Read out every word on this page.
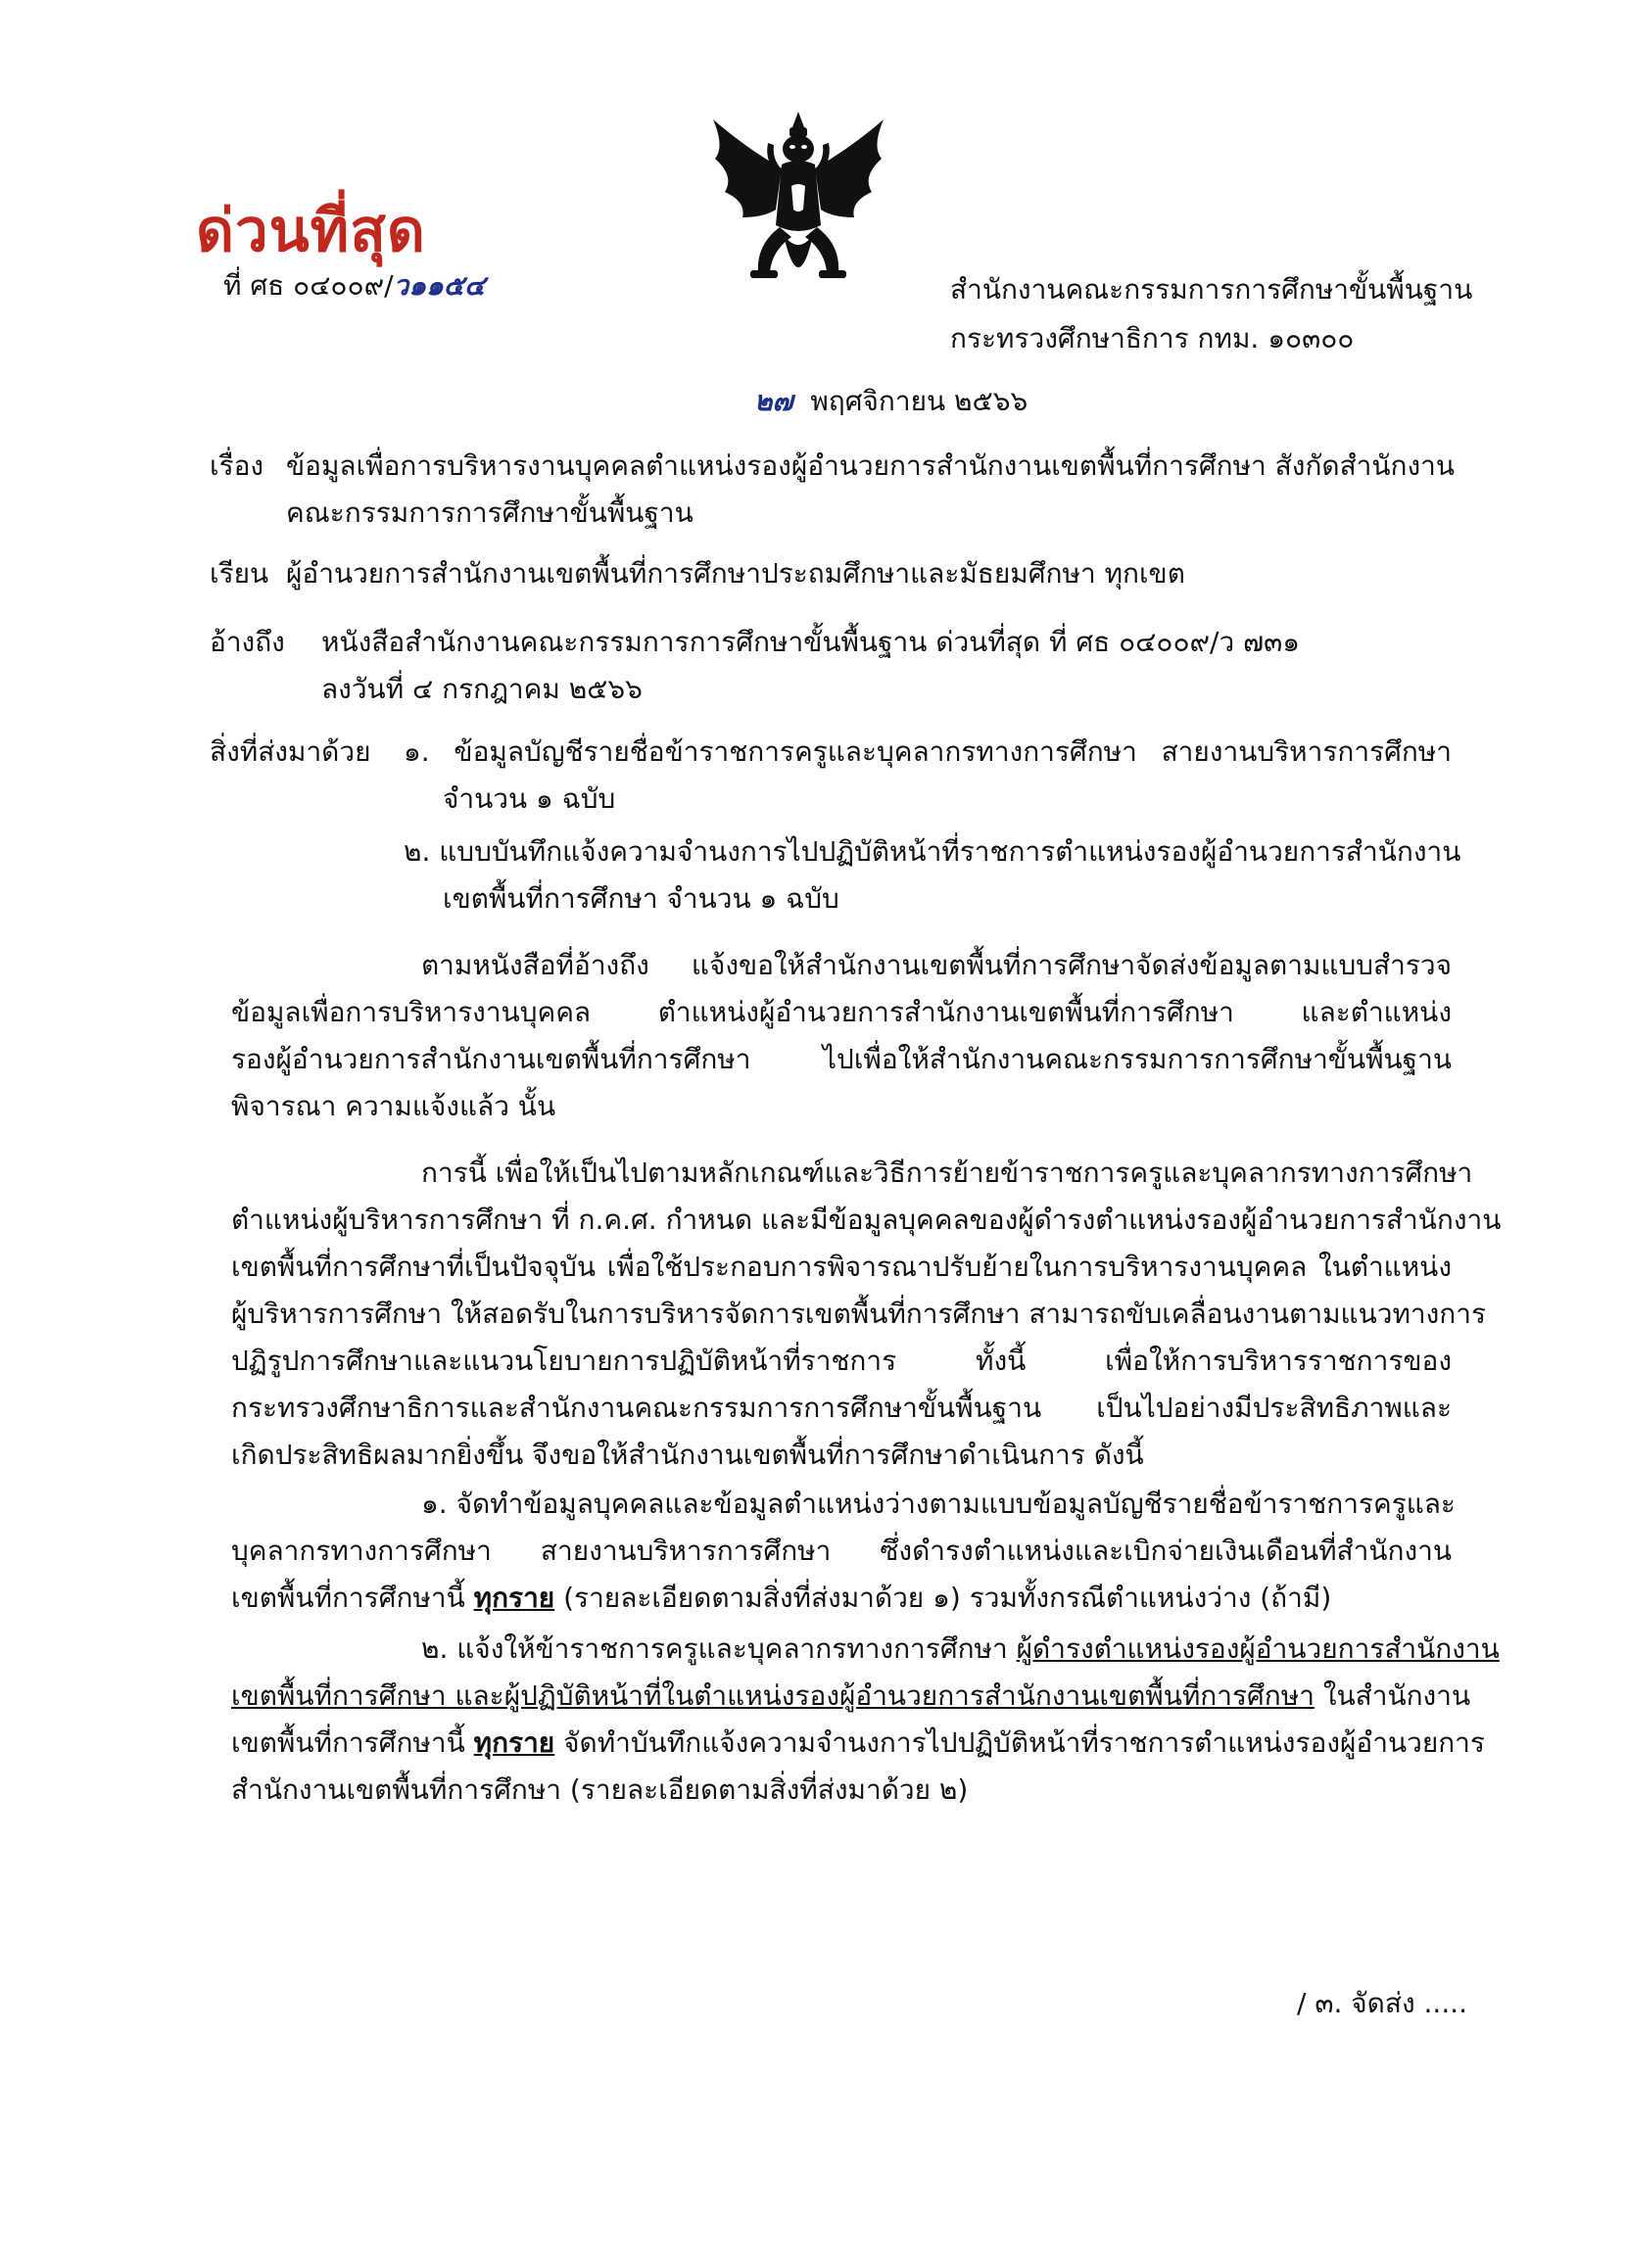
ด่วนที่สุด
ที่ ศธ ๐๔๐๐๙/ว๑๑๕๔	สำนักงานคณะกรรมการการศึกษาขั้นพื้นฐาน
กระทรวงศึกษาธิการ กทม. ๑๐๓๐๐
๒๗ พฤศจิกายน ๒๕๖๖
เรื่อง ข้อมูลเพื่อการบริหารงานบุคคลตำแหน่งรองผู้อำนวยการสำนักงานเขตพื้นที่การศึกษา สังกัดสำนักงาน
คณะกรรมการการศึกษาขั้นพื้นฐาน
เรียน ผู้อำนวยการสำนักงานเขตพื้นที่การศึกษาประถมศึกษาและมัธยมศึกษา ทุกเขต
อ้างถึง หนังสือสำนักงานคณะกรรมการการศึกษาขั้นพื้นฐาน ด่วนที่สุด ที่ ศธ ๐๔๐๐๙/ว ๗๓๑
ลงวันที่ ๔ กรกฎาคม ๒๕๖๖
สิ่งที่ส่งมาด้วย ๑. ข้อมูลบัญชีรายชื่อข้าราชการครูและบุคลากรทางการศึกษา สายงานบริหารการศึกษา
จำนวน ๑ ฉบับ
๒. แบบบันทึกแจ้งความจำนงการไปปฏิบัติหน้าที่ราชการตำแหน่งรองผู้อำนวยการสำนักงาน
เขตพื้นที่การศึกษา จำนวน ๑ ฉบับ
ตามหนังสือที่อ้างถึง แจ้งขอให้สำนักงานเขตพื้นที่การศึกษาจัดส่งข้อมูลตามแบบสำรวจ
ข้อมูลเพื่อการบริหารงานบุคคล ตำแหน่งผู้อำนวยการสำนักงานเขตพื้นที่การศึกษา และตำแหน่ง
รองผู้อำนวยการสำนักงานเขตพื้นที่การศึกษา ไปเพื่อให้สำนักงานคณะกรรมการการศึกษาขั้นพื้นฐาน
พิจารณา ความแจ้งแล้ว นั้น
การนี้ เพื่อให้เป็นไปตามหลักเกณฑ์และวิธีการย้ายข้าราชการครูและบุคลากรทางการศึกษา
ตำแหน่งผู้บริหารการศึกษา ที่ ก.ค.ศ. กำหนด และมีข้อมูลบุคคลของผู้ดำรงตำแหน่งรองผู้อำนวยการสำนักงาน
เขตพื้นที่การศึกษาที่เป็นปัจจุบัน เพื่อใช้ประกอบการพิจารณาปรับย้ายในการบริหารงานบุคคล ในตำแหน่ง
ผู้บริหารการศึกษา ให้สอดรับในการบริหารจัดการเขตพื้นที่การศึกษา สามารถขับเคลื่อนงานตามแนวทางการ
ปฏิรูปการศึกษาและแนวนโยบายการปฏิบัติหน้าที่ราชการ ทั้งนี้ เพื่อให้การบริหารราชการของ
กระทรวงศึกษาธิการและสำนักงานคณะกรรมการการศึกษาขั้นพื้นฐาน เป็นไปอย่างมีประสิทธิภาพและ
เกิดประสิทธิผลมากยิ่งขึ้น จึงขอให้สำนักงานเขตพื้นที่การศึกษาดำเนินการ ดังนี้
๑. จัดทำข้อมูลบุคคลและข้อมูลตำแหน่งว่างตามแบบข้อมูลบัญชีรายชื่อข้าราชการครูและ
บุคลากรทางการศึกษา สายงานบริหารการศึกษา ซึ่งดำรงตำแหน่งและเบิกจ่ายเงินเดือนที่สำนักงาน
เขตพื้นที่การศึกษานี้ ทุกราย (รายละเอียดตามสิ่งที่ส่งมาด้วย ๑) รวมทั้งกรณีตำแหน่งว่าง (ถ้ามี)
๒. แจ้งให้ข้าราชการครูและบุคลากรทางการศึกษา ผู้ดำรงตำแหน่งรองผู้อำนวยการสำนักงาน
เขตพื้นที่การศึกษา และผู้ปฏิบัติหน้าที่ในตำแหน่งรองผู้อำนวยการสำนักงานเขตพื้นที่การศึกษา ในสำนักงาน
เขตพื้นที่การศึกษานี้ ทุกราย จัดทำบันทึกแจ้งความจำนงการไปปฏิบัติหน้าที่ราชการตำแหน่งรองผู้อำนวยการ
สำนักงานเขตพื้นที่การศึกษา (รายละเอียดตามสิ่งที่ส่งมาด้วย ๒)
/ ๓. จัดส่ง .....
